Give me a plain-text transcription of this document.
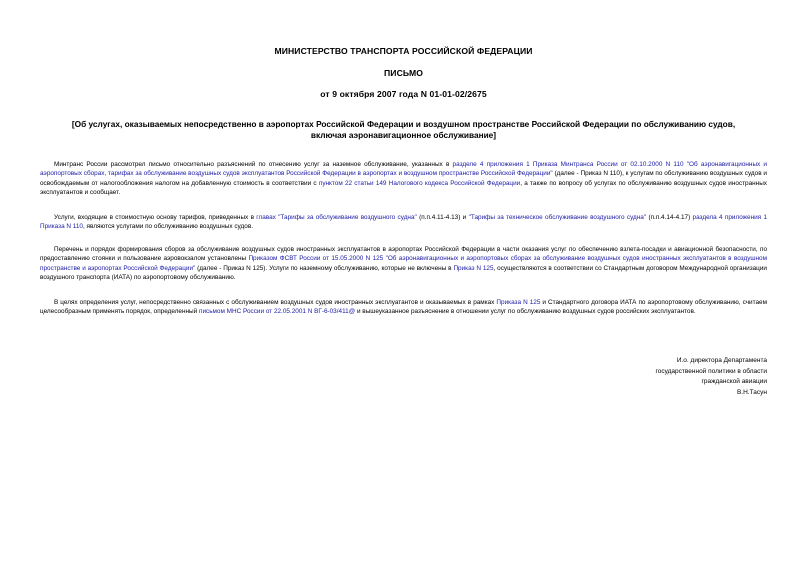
МИНИСТЕРСТВО ТРАНСПОРТА РОССИЙСКОЙ ФЕДЕРАЦИИ
ПИСЬМО
от 9 октября 2007 года N 01-01-02/2675
[Об услугах, оказываемых непосредственно в аэропортах Российской Федерации и воздушном пространстве Российской Федерации по обслуживанию судов,
включая аэронавигационное обслуживание]
Минтранс России рассмотрел письмо относительно разъяснений по отнесению услуг за наземное обслуживание, указанных в разделе 4 приложения 1 Приказа Минтранса России от 02.10.2000 N 110 "Об аэронавигационных и аэропортовых сборах, тарифах за обслуживание воздушных судов эксплуатантов Российской Федерации в аэропортах и воздушном пространстве Российской Федерации" (далее - Приказ N 110), к услугам по обслуживанию воздушных судов и освобождаемым от налогообложения налогом на добавленную стоимость в соответствии с пунктом 22 статьи 149 Налогового кодекса Российской Федерации, а также по вопросу об услугах по обслуживанию воздушных судов иностранных эксплуатантов и сообщает.
Услуги, входящие в стоимостную основу тарифов, приведенных в главах "Тарифы за обслуживание воздушного судна" (п.п.4.11-4.13) и "Тарифы за техническое обслуживание воздушного судна" (п.п.4.14-4.17) раздела 4 приложения 1 Приказа N 110, являются услугами по обслуживанию воздушных судов.
Перечень и порядок формирования сборов за обслуживание воздушных судов иностранных эксплуатантов в аэропортах Российской Федерации в части оказания услуг по обеспечению взлета-посадки и авиационной безопасности, по предоставлению стоянки и пользование аэровокзалом установлены Приказом ФСВТ России от 15.05.2000 N 125 "Об аэронавигационных и аэропортовых сборах за обслуживание воздушных судов иностранных эксплуатантов в воздушном пространстве и аэропортах Российской Федерации" (далее - Приказ N 125). Услуги по наземному обслуживанию, которые не включены в Приказ N 125, осуществляются в соответствии со Стандартным договором Международной организации воздушного транспорта (ИАТА) по аэропортовому обслуживанию.
В целях определения услуг, непосредственно связанных с обслуживанием воздушных судов иностранных эксплуатантов и оказываемых в рамках Приказа N 125 и Стандартного договора ИАТА по аэропортовому обслуживанию, считаем целесообразным применять порядок, определенный письмом МНС России от 22.05.2001 N ВГ-6-03/411@ и вышеуказанное разъяснение в отношении услуг по обслуживанию воздушных судов российских эксплуатантов.
И.о. директора Департамента
государственной политики в области
гражданской авиации
В.Н.Тасун
